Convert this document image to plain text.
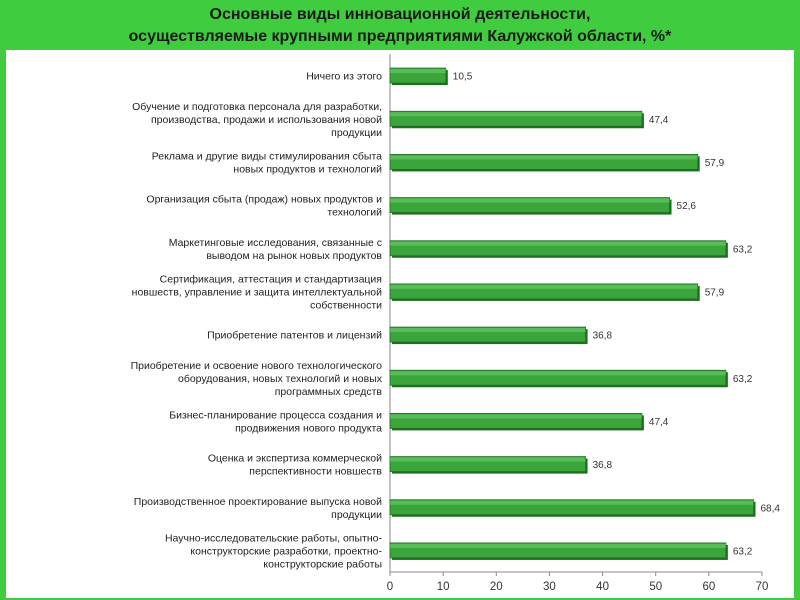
Основные виды инновационной деятельности,
осуществляемые крупными предприятиями Калужской области, %*
0	10	20	30	40	50	60	70
10,5
Ничего из этого
47,4
Обучение и подготовка персонала для разработки,
производства, продажи и использования новой
продукции
57,9
Реклама и другие виды стимулирования сбыта
новых продуктов и технологий
52,6
Организация сбыта (продаж) новых продуктов и
технологий
63,2
Маркетинговые исследования, связанные с
выводом на рынок новых продуктов
57,9
Сертификация, аттестация и стандартизация
новшеств, управление и защита интеллектуальной
собственности
36,8
Приобретение патентов и лицензий
63,2
Приобретение и освоение нового технологического
оборудования, новых технологий и новых
программных средств
47,4
Бизнес-планирование процесса создания и
продвижения нового продукта
36,8
Оценка и экспертиза коммерческой
перспективности новшеств
68,4
Производственное проектирование выпуска новой
продукции
63,2
Научно-исследовательские работы, опытно-
конструкторские разработки, проектно-
конструкторские работы
